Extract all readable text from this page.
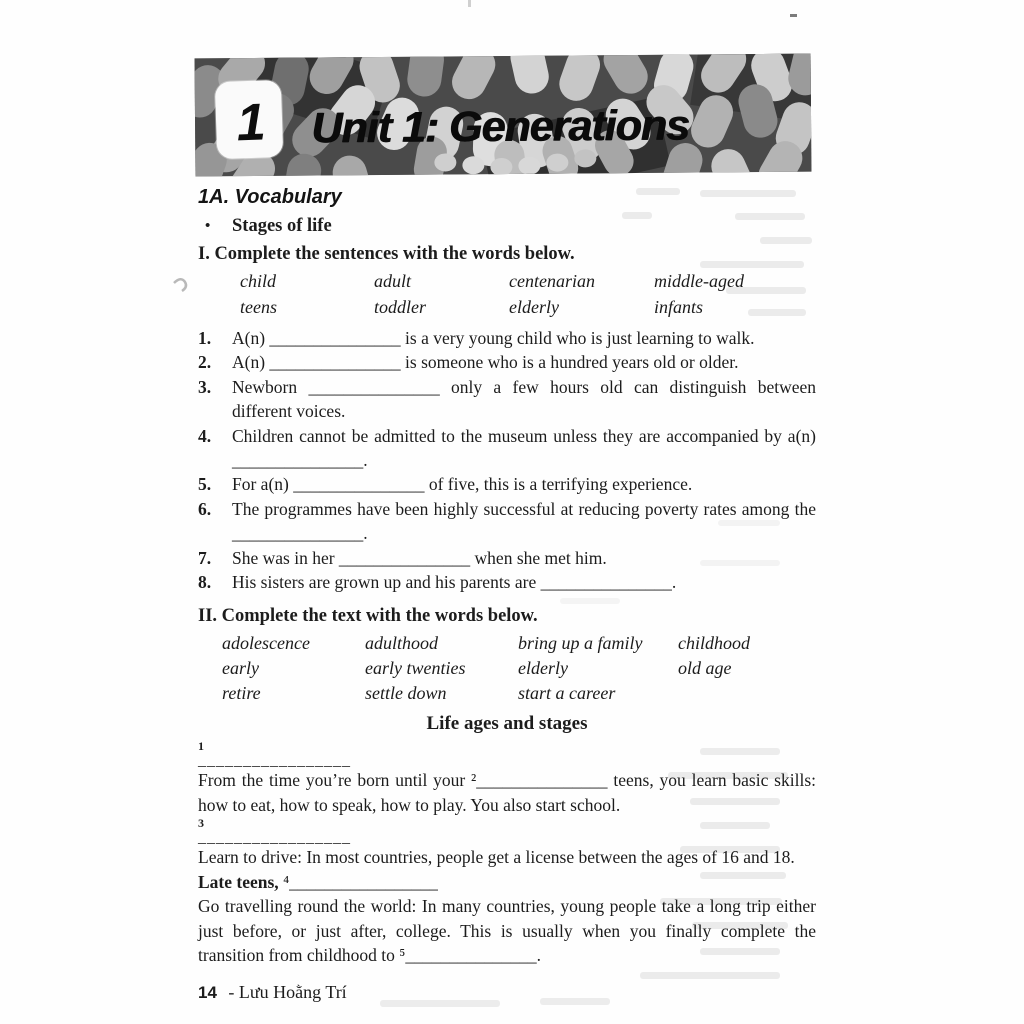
1 Unit 1: Generations
1A. Vocabulary
•	Stages of life
I. Complete the sentences with the words below.
child	adult	centenarian	middle-aged
teens	toddler	elderly	infants
1.	A(n) _______________ is a very young child who is just learning to walk.
2.	A(n) _______________ is someone who is a hundred years old or older.
3.	Newborn _______________ only a few hours old can distinguish between different voices.
4.	Children cannot be admitted to the museum unless they are accompanied by a(n) _______________.
5.	For a(n) _______________ of five, this is a terrifying experience.
6.	The programmes have been highly successful at reducing poverty rates among the _______________.
7.	She was in her _______________ when she met him.
8.	His sisters are grown up and his parents are _______________.
II. Complete the text with the words below.
adolescence	adulthood	bring up a family	childhood
early	early twenties	elderly	old age
retire	settle down	start a career
Life ages and stages
1
_________________

From the time you’re born until your ²_______________ teens, you learn basic skills: how to eat, how to speak, how to play. You also start school.

3
_________________

Learn to drive: In most countries, people get a license between the ages of 16 and 18.

Late teens, ⁴_________________

Go travelling round the world: In many countries, young people take a long trip either just before, or just after, college. This is usually when you finally complete the transition from childhood to ⁵_______________.

14 - Lưu Hoằng Trí
